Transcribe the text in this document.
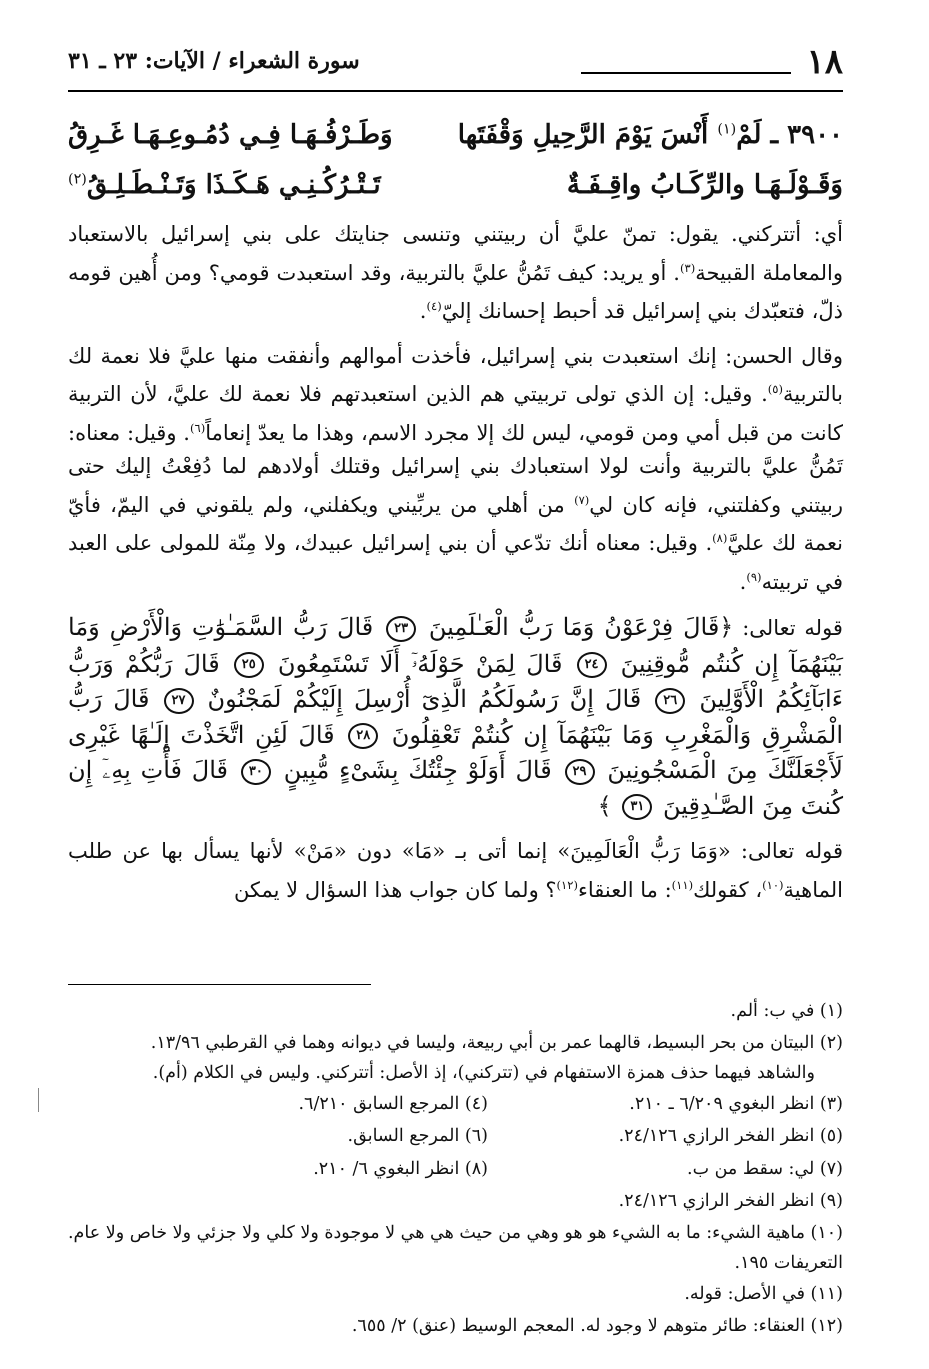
١٨
سورة الشعراء / الآيات: ٢٣ ـ ٣١
٣٩٠٠ ـ لَمْ$^{(١)}$ أَنْسَ يَوْمَ الرَّحِيلِ وَقْفَتَها
وَطَـرْفُـهَـا فِـي دُمُـوعِـهَـا غَـرِقُ
وَقَـوْلَـهَـا والرِّكَـابُ واقِـفَـةٌ
تَـتْـرُكُـنِـي هَـكَـذَا وَتَـنْـطَـلِـقُ$^{(٢)}$

أي: أتتركني. يقول: تمنّ عليَّ أن ربيتني وتنسى جنايتك على بني إسرائيل بالاستعباد والمعاملة القبيحة$^{(٣)}$. أو يريد: كيف تَمُنُّ عليَّ بالتربية، وقد استعبدت قومي؟ ومن أُهين قومه ذلّ، فتعبّدك بني إسرائيل قد أحبط إحسانك إليّ$^{(٤)}$.

وقال الحسن: إنك استعبدت بني إسرائيل، فأخذت أموالهم وأنفقت منها عليَّ فلا نعمة لك بالتربية$^{(٥)}$. وقيل: إن الذي تولى تربيتي هم الذين استعبدتهم فلا نعمة لك عليَّ، لأن التربية كانت من قبل أمي ومن قومي، ليس لك إلا مجرد الاسم، وهذا ما يعدّ إنعاماً$^{(٦)}$. وقيل: معناه: تَمُنُّ عليَّ بالتربية وأنت لولا استعبادك بني إسرائيل وقتلك أولادهم لما دُفِعْتُ إليك حتى ربيتني وكفلتني، فإنه كان لي$^{(٧)}$ من أهلي من يربِّيني ويكفلني، ولم يلقوني في اليمّ، فأيّ نعمة لك عليَّ$^{(٨)}$. وقيل: معناه أنك تدّعي أن بني إسرائيل عبيدك، ولا مِنّة للمولى على العبد في تربيته$^{(٩)}$.

قوله تعالى: ﴿قَالَ فِرْعَوْنُ وَمَا رَبُّ الْعَـٰلَمِينَ ٢٣ قَالَ رَبُّ السَّمَـٰوَٰتِ وَالْأَرْضِ وَمَا بَيْنَهُمَآ إِن كُنتُم مُّوقِنِينَ ٢٤ قَالَ لِمَنْ حَوْلَهُۥٓ أَلَا تَسْتَمِعُونَ ٢٥ قَالَ رَبُّكُمْ وَرَبُّ ءَابَآئِكُمُ الْأَوَّلِينَ ٢٦ قَالَ إِنَّ رَسُولَكُمُ الَّذِىٓ أُرْسِلَ إِلَيْكُمْ لَمَجْنُونٌ ٢٧ قَالَ رَبُّ الْمَشْرِقِ وَالْمَغْرِبِ وَمَا بَيْنَهُمَآ إِن كُنتُمْ تَعْقِلُونَ ٢٨ قَالَ لَئِنِ اتَّخَذْتَ إِلَـٰهًا غَيْرِى لَأَجْعَلَنَّكَ مِنَ الْمَسْجُونِينَ ٢٩ قَالَ أَوَلَوْ جِئْتُكَ بِشَىْءٍ مُّبِينٍ ٣٠ قَالَ فَأْتِ بِهِۦٓ إِن كُنتَ مِنَ الصَّـٰدِقِينَ ٣١ ﴾

قوله تعالى: «وَمَا رَبُّ الْعَالَمِينَ» إنما أتى بـ «مَا» دون «مَنْ» لأنها يسأل بها عن طلب الماهية$^{(١٠)}$، كقولك$^{(١١)}$: ما العنقاء$^{(١٢)}$؟ ولما كان جواب هذا السؤال لا يمكن

(١) في ب: ألم.
(٢) البيتان من بحر البسيط، قالهما عمر بن أبي ربيعة، وليسا في ديوانه وهما في القرطبي ١٣/٩٦.
والشاهد فيهما حذف همزة الاستفهام في (تتركني)، إذ الأصل: أتتركني. وليس في الكلام (أم).
(٣) انظر البغوي ٦/٢٠٩ ـ ٢١٠.
(٤) المرجع السابق ٦/٢١٠.
(٥) انظر الفخر الرازي ٢٤/١٢٦.
(٦) المرجع السابق.
(٧) لي: سقط من ب.
(٨) انظر البغوي ٦/ ٢١٠.
(٩) انظر الفخر الرازي ٢٤/١٢٦.
(١٠) ماهية الشيء: ما به الشيء هو هو وهي من حيث هي هي لا موجودة ولا كلي ولا جزئي ولا خاص ولا عام. التعريفات ١٩٥.
(١١) في الأصل: قوله.
(١٢) العنقاء: طائر متوهم لا وجود له. المعجم الوسيط (عنق) ٢/ ٦٥٥.
